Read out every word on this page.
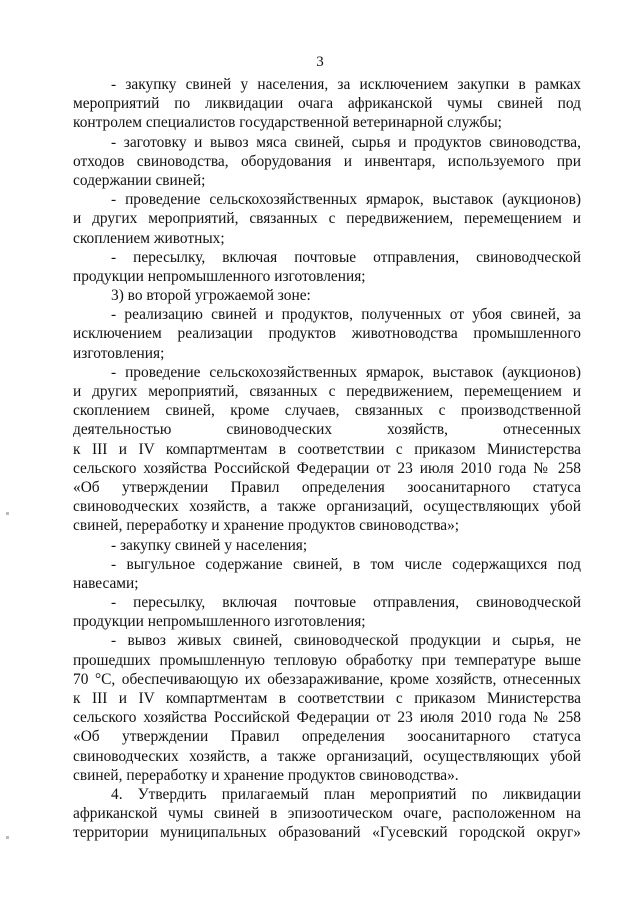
3
- закупку свиней у населения, за исключением закупки в рамках
мероприятий по ликвидации очага африканской чумы свиней под
контролем специалистов государственной ветеринарной службы;
- заготовку и вывоз мяса свиней, сырья и продуктов свиноводства,
отходов свиноводства, оборудования и инвентаря, используемого при
содержании свиней;
- проведение сельскохозяйственных ярмарок, выставок (аукционов)
и других мероприятий, связанных с передвижением, перемещением и
скоплением животных;
- пересылку, включая почтовые отправления, свиноводческой
продукции непромышленного изготовления;
3) во второй угрожаемой зоне:
- реализацию свиней и продуктов, полученных от убоя свиней, за
исключением реализации продуктов животноводства промышленного
изготовления;
- проведение сельскохозяйственных ярмарок, выставок (аукционов)
и других мероприятий, связанных с передвижением, перемещением и
скоплением свиней, кроме случаев, связанных с производственной
деятельностью свиноводческих хозяйств, отнесенных
к III и IV компартментам в соответствии с приказом Министерства
сельского хозяйства Российской Федерации от 23 июля 2010 года № 258
«Об утверждении Правил определения зоосанитарного статуса
свиноводческих хозяйств, а также организаций, осуществляющих убой
свиней, переработку и хранение продуктов свиноводства»;
- закупку свиней у населения;
- выгульное содержание свиней, в том числе содержащихся под
навесами;
- пересылку, включая почтовые отправления, свиноводческой
продукции непромышленного изготовления;
- вывоз живых свиней, свиноводческой продукции и сырья, не
прошедших промышленную тепловую обработку при температуре выше
70 °С, обеспечивающую их обеззараживание, кроме хозяйств, отнесенных
к III и IV компартментам в соответствии с приказом Министерства
сельского хозяйства Российской Федерации от 23 июля 2010 года № 258
«Об утверждении Правил определения зоосанитарного статуса
свиноводческих хозяйств, а также организаций, осуществляющих убой
свиней, переработку и хранение продуктов свиноводства».
4. Утвердить прилагаемый план мероприятий по ликвидации
африканской чумы свиней в эпизоотическом очаге, расположенном на
территории муниципальных образований «Гусевский городской округ»
